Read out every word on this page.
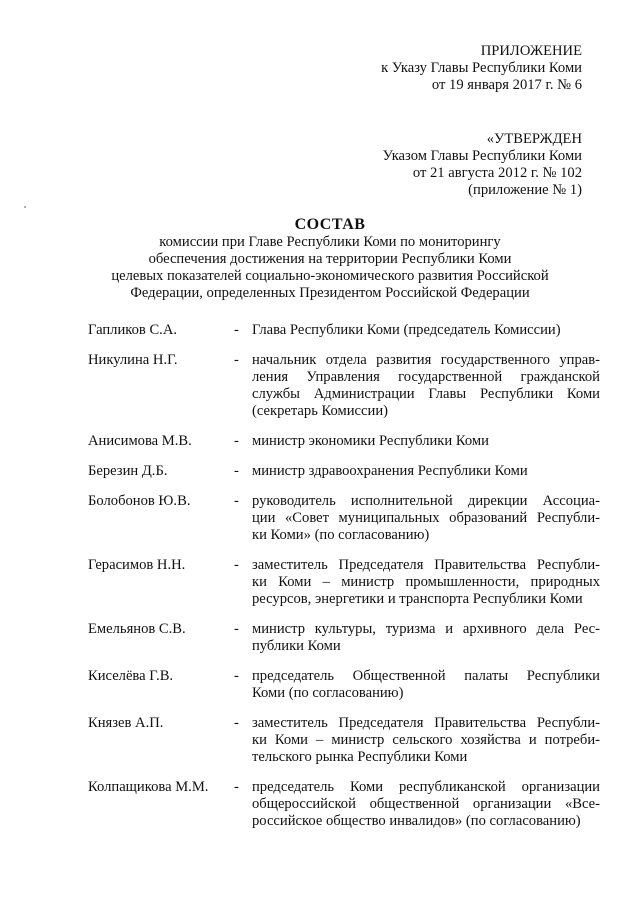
ПРИЛОЖЕНИЕ
к Указу Главы Республики Коми
от 19 января 2017 г. № 6
«УТВЕРЖДЕН
Указом Главы Республики Коми
от 21 августа 2012 г. № 102
(приложение № 1)
СОСТАВ
комиссии при Главе Республики Коми по мониторингу
обеспечения достижения на территории Республики Коми
целевых показателей социально-экономического развития Российской
Федерации, определенных Президентом Российской Федерации
Гапликов С.А.	- Глава Республики Коми (председатель Комиссии)
Никулина Н.Г.	- начальник отдела развития государственного управ-
ления Управления государственной гражданской
службы Администрации Главы Республики Коми
(секретарь Комиссии)
Анисимова М.В.	- министр экономики Республики Коми
Березин Д.Б.	- министр здравоохранения Республики Коми
Болобонов Ю.В.	- руководитель исполнительной дирекции Ассоциа-
ции «Совет муниципальных образований Республи-
ки Коми» (по согласованию)
Герасимов Н.Н.	- заместитель Председателя Правительства Республи-
ки Коми – министр промышленности, природных
ресурсов, энергетики и транспорта Республики Коми
Емельянов С.В.	- министр культуры, туризма и архивного дела Рес-
публики Коми
Киселёва Г.В.	- председатель Общественной палаты Республики
Коми (по согласованию)
Князев А.П.	- заместитель Председателя Правительства Республи-
ки Коми – министр сельского хозяйства и потреби-
тельского рынка Республики Коми
Колпащикова М.М. - председатель Коми республиканской организации
общероссийской общественной организации «Все-
российское общество инвалидов» (по согласованию)
